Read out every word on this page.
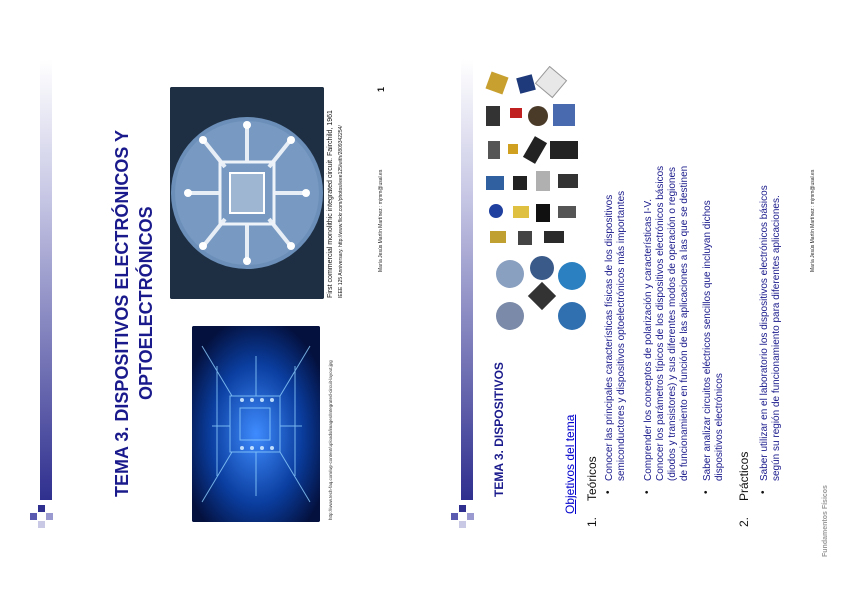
TEMA 3. DISPOSITIVOS ELECTRÓNICOS Y OPTOELECTRÓNICOS
http://www.tech-faq.com/wp-content/uploads/images/Integrated-circuit-layout.jpg
First commercial monolithic integrated circuit. Fairchild, 1961 IEEE 125 Anniversary. http://www.flickr.com/photos/ieee125/with/2809342254/	María Jesús Martín Martínez : mjmm@usal.es
1
TEMA 3. DISPOSITIVOS	Objetivos del tema
1.
Teóricos •
Conocer las principales características físicas de los dispositivos semiconductores y dispositivos optoelectrónicos más importantes
•
Comprender los conceptos de polarización y características I-V. Conocer los parámetros típicos de los dispositivos electrónicos básicos (diodos y transistores) y sus diferentes modos de operación o regiones de funcionamiento en función de las aplicaciones a las que se destinen
•
Saber analizar circuitos eléctricos sencillos que incluyan dichos dispositivos electrónicos
2.
Prácticos •
Saber utilizar en el laboratorio los dispositivos electrónicos básicos según su región de funcionamiento para diferentes aplicaciones.	María Jesús Martín Martínez : mjmm@usal.es
Fundamentos Físicos
